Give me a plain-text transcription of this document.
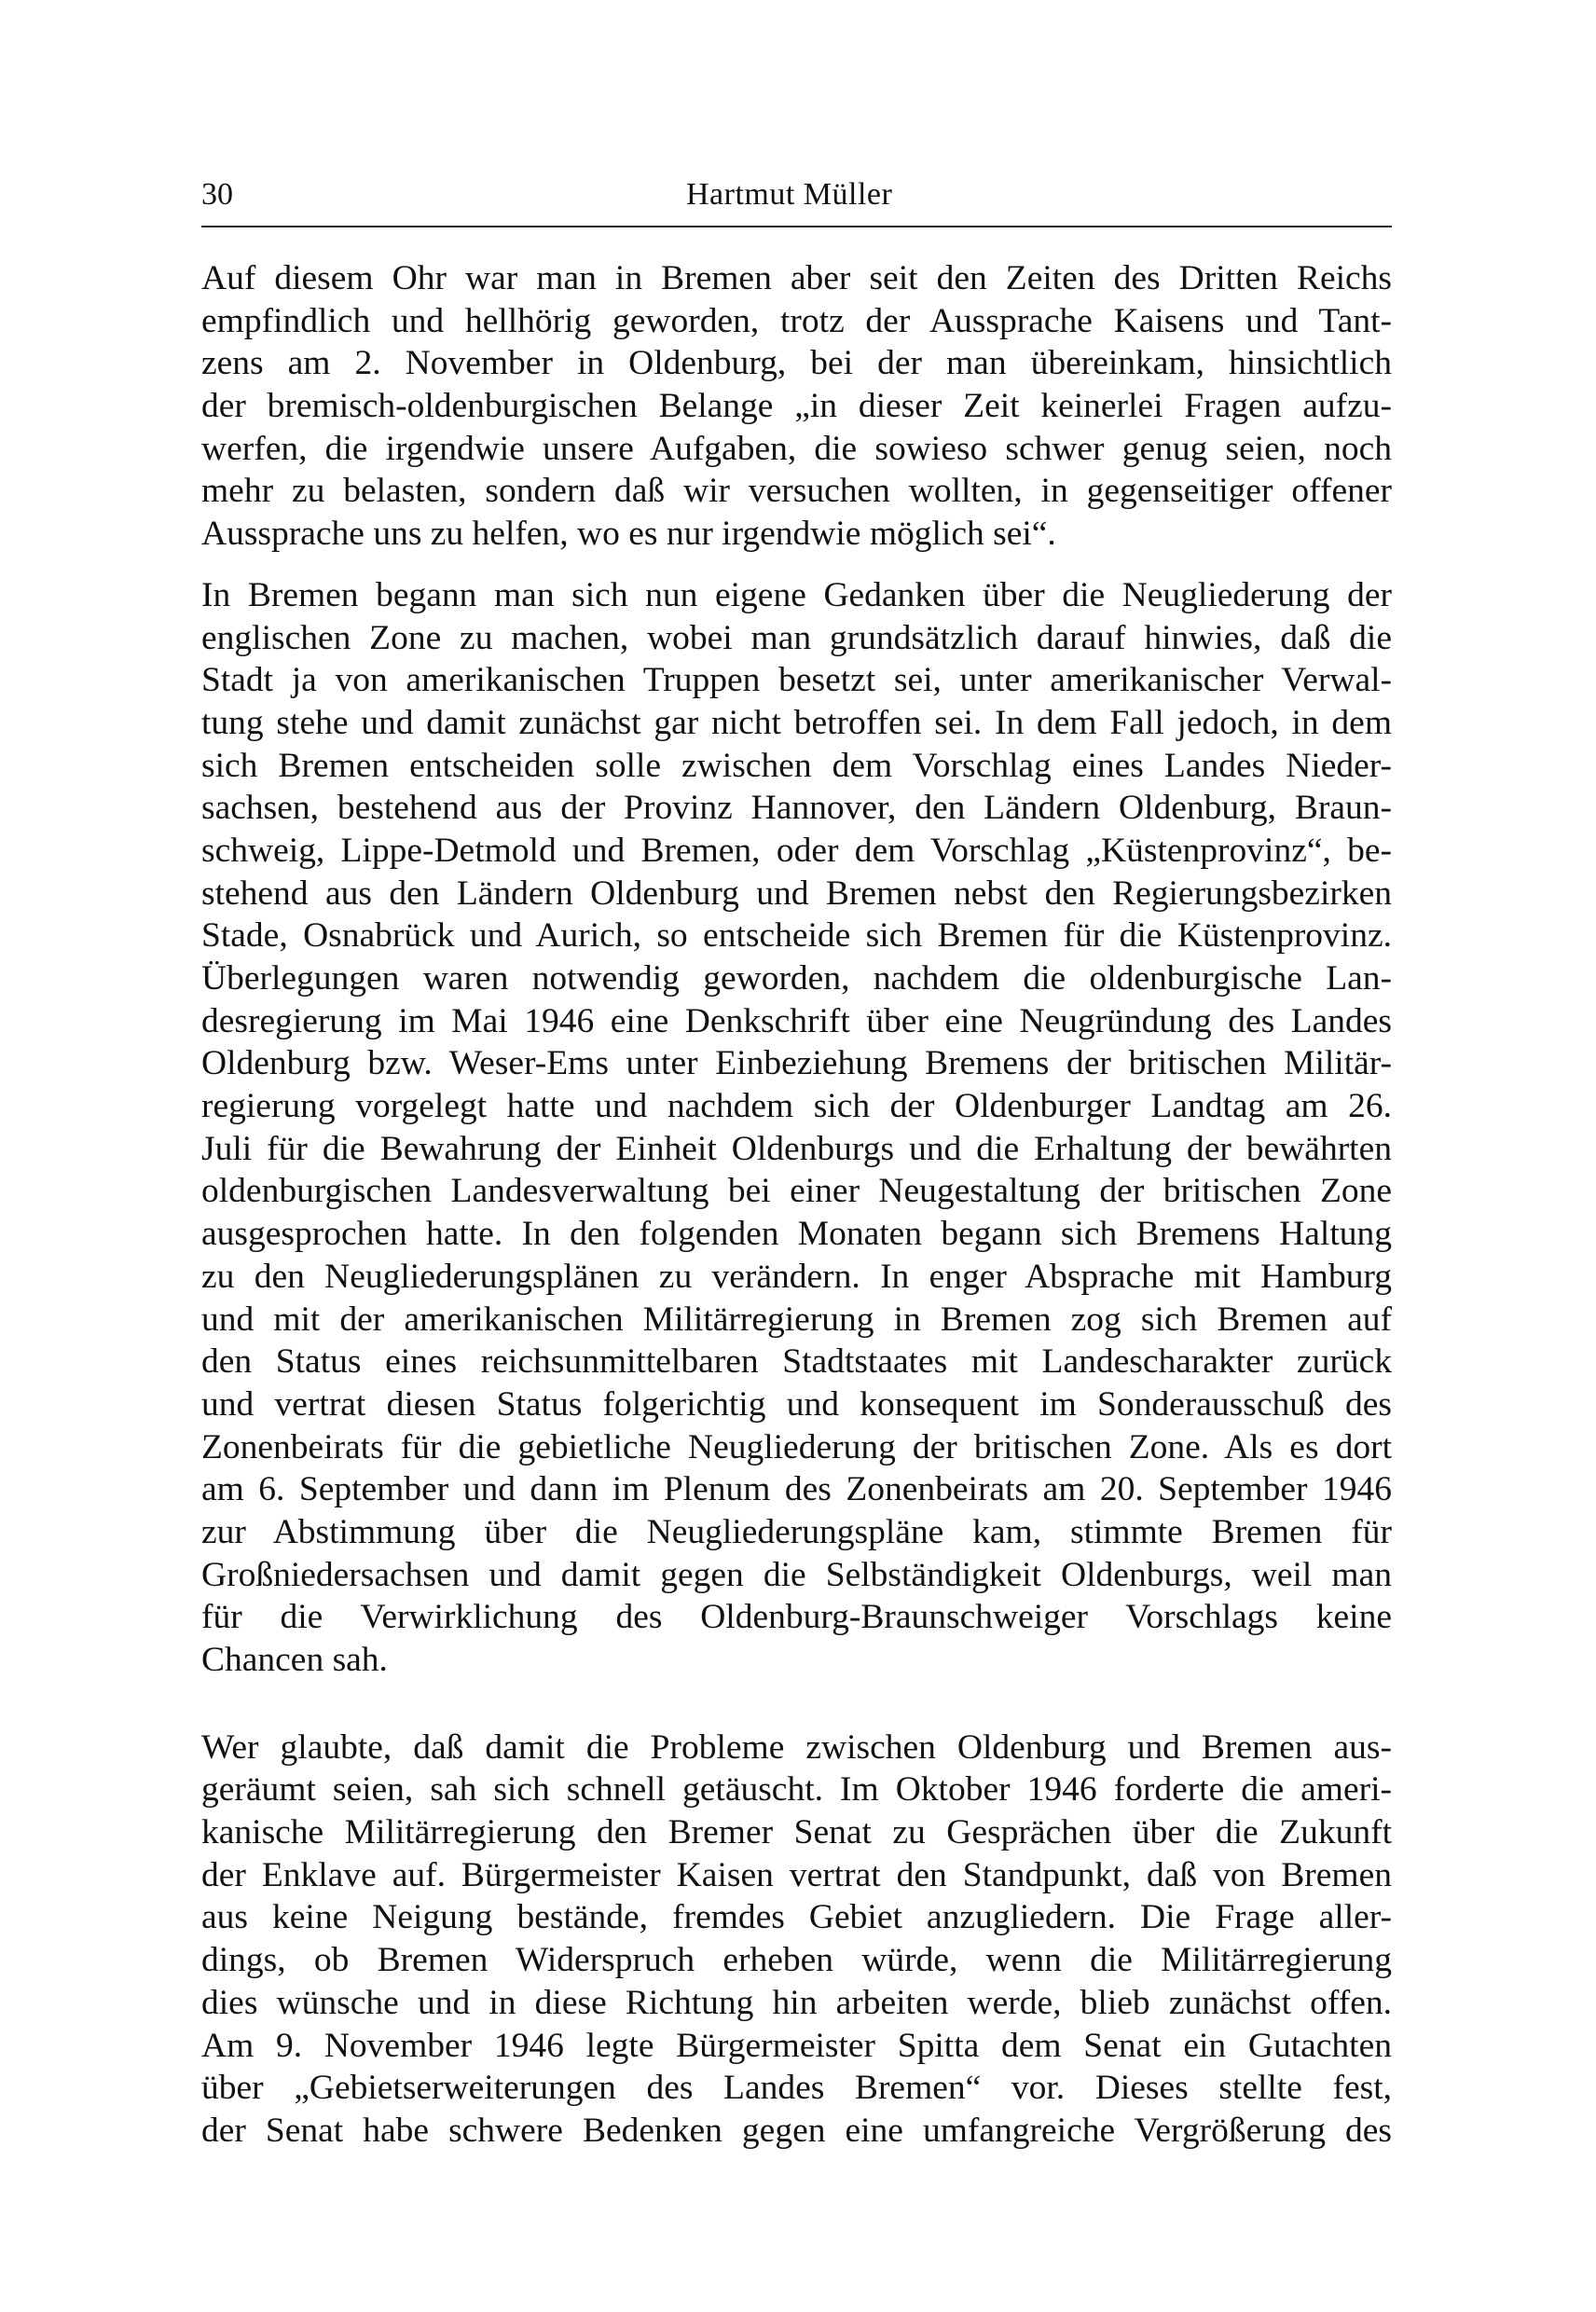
30	Hartmut Müller
Auf diesem Ohr war man in Bremen aber seit den Zeiten des Dritten Reichs
empfindlich und hellhörig geworden, trotz der Aussprache Kaisens und Tant-
zens am 2. November in Oldenburg, bei der man übereinkam, hinsichtlich
der bremisch-oldenburgischen Belange „in dieser Zeit keinerlei Fragen aufzu-
werfen, die irgendwie unsere Aufgaben, die sowieso schwer genug seien, noch
mehr zu belasten, sondern daß wir versuchen wollten, in gegenseitiger offener
Aussprache uns zu helfen, wo es nur irgendwie möglich sei“.
In Bremen begann man sich nun eigene Gedanken über die Neugliederung der
englischen Zone zu machen, wobei man grundsätzlich darauf hinwies, daß die
Stadt ja von amerikanischen Truppen besetzt sei, unter amerikanischer Verwal-
tung stehe und damit zunächst gar nicht betroffen sei. In dem Fall jedoch, in dem
sich Bremen entscheiden solle zwischen dem Vorschlag eines Landes Nieder-
sachsen, bestehend aus der Provinz Hannover, den Ländern Oldenburg, Braun-
schweig, Lippe-Detmold und Bremen, oder dem Vorschlag „Küstenprovinz“, be-
stehend aus den Ländern Oldenburg und Bremen nebst den Regierungsbezirken
Stade, Osnabrück und Aurich, so entscheide sich Bremen für die Küstenprovinz.
Überlegungen waren notwendig geworden, nachdem die oldenburgische Lan-
desregierung im Mai 1946 eine Denkschrift über eine Neugründung des Landes
Oldenburg bzw. Weser-Ems unter Einbeziehung Bremens der britischen Militär-
regierung vorgelegt hatte und nachdem sich der Oldenburger Landtag am 26.
Juli für die Bewahrung der Einheit Oldenburgs und die Erhaltung der bewährten
oldenburgischen Landesverwaltung bei einer Neugestaltung der britischen Zone
ausgesprochen hatte. In den folgenden Monaten begann sich Bremens Haltung
zu den Neugliederungsplänen zu verändern. In enger Absprache mit Hamburg
und mit der amerikanischen Militärregierung in Bremen zog sich Bremen auf
den Status eines reichsunmittelbaren Stadtstaates mit Landescharakter zurück
und vertrat diesen Status folgerichtig und konsequent im Sonderausschuß des
Zonenbeirats für die gebietliche Neugliederung der britischen Zone. Als es dort
am 6. September und dann im Plenum des Zonenbeirats am 20. September 1946
zur Abstimmung über die Neugliederungspläne kam, stimmte Bremen für
Großniedersachsen und damit gegen die Selbständigkeit Oldenburgs, weil man
für die Verwirklichung des Oldenburg-Braunschweiger Vorschlags keine
Chancen sah.
Wer glaubte, daß damit die Probleme zwischen Oldenburg und Bremen aus-
geräumt seien, sah sich schnell getäuscht. Im Oktober 1946 forderte die ameri-
kanische Militärregierung den Bremer Senat zu Gesprächen über die Zukunft
der Enklave auf. Bürgermeister Kaisen vertrat den Standpunkt, daß von Bremen
aus keine Neigung bestände, fremdes Gebiet anzugliedern. Die Frage aller-
dings, ob Bremen Widerspruch erheben würde, wenn die Militärregierung
dies wünsche und in diese Richtung hin arbeiten werde, blieb zunächst offen.
Am 9. November 1946 legte Bürgermeister Spitta dem Senat ein Gutachten
über „Gebietserweiterungen des Landes Bremen“ vor. Dieses stellte fest,
der Senat habe schwere Bedenken gegen eine umfangreiche Vergrößerung des
